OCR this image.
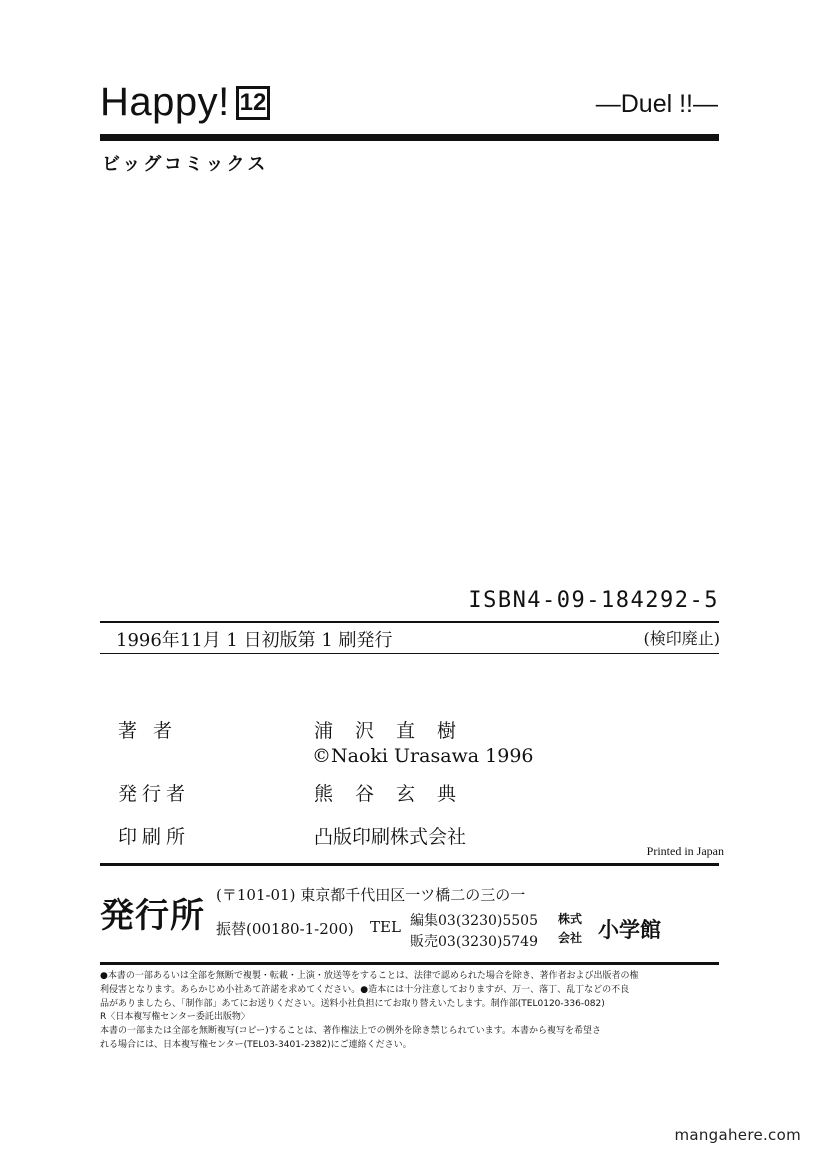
Happy! 12	—Duel !!—
ビッグコミックス
ISBN4-09-184292-5
1996年11月 1 日初版第 1 刷発行	(検印廃止)
著者	浦沢直樹
©Naoki Urasawa 1996
発行者	熊谷玄典
印刷所	凸版印刷株式会社
Printed in Japan
発行所
(〒101-01) 東京都千代田区一ツ橋二の三の一
振替(00180-1-200) TEL 編集03(3230)5505
販売03(3230)5749
株式
会社 小学館
●本書の一部あるいは全部を無断で複製・転載・上演・放送等をすることは、法律で認められた場合を除き、著作者および出版者の権
利侵害となります。あらかじめ小社あて許諾を求めてください。●造本には十分注意しておりますが、万一、落丁、乱丁などの不良
品がありましたら、「制作部」あてにお送りください。送料小社負担にてお取り替えいたします。制作部(TEL0120-336-082)
R〈日本複写権センター委託出版物〉
本書の一部または全部を無断複写(コピー)することは、著作権法上での例外を除き禁じられています。本書から複写を希望さ
れる場合には、日本複写権センター(TEL03-3401-2382)にご連絡ください。
mangahere.com
